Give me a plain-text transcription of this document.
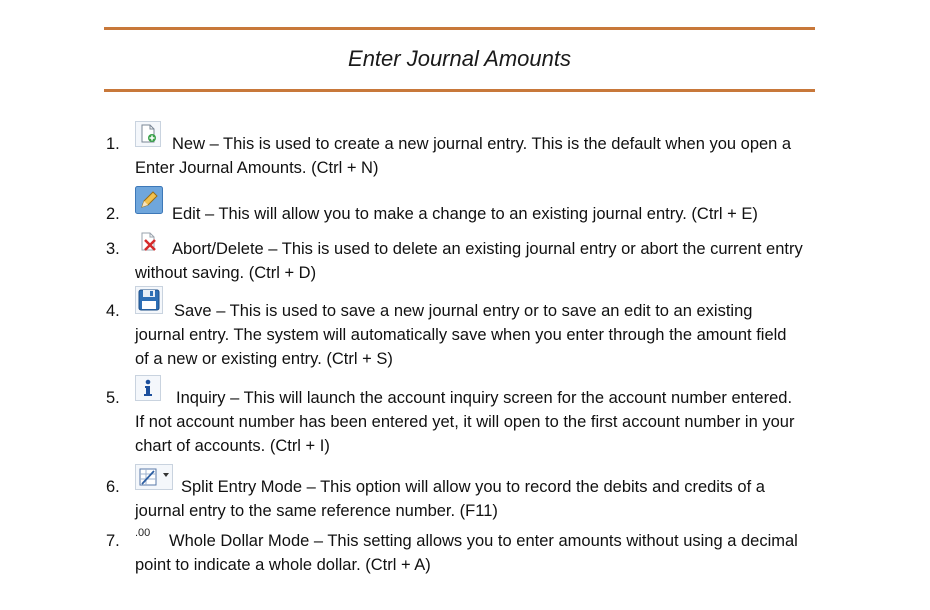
Enter Journal Amounts
1.	New – This is used to create a new journal entry. This is the default when you open a
Enter Journal Amounts. (Ctrl + N)
2.	Edit – This will allow you to make a change to an existing journal entry. (Ctrl + E)
3.	Abort/Delete – This is used to delete an existing journal entry or abort the current entry
without saving. (Ctrl + D)
4.	Save – This is used to save a new journal entry or to save an edit to an existing
journal entry. The system will automatically save when you enter through the amount field
of a new or existing entry. (Ctrl + S)
5.	Inquiry – This will launch the account inquiry screen for the account number entered.
If not account number has been entered yet, it will open to the first account number in your
chart of accounts. (Ctrl + I)
6.	Split Entry Mode – This option will allow you to record the debits and credits of a
journal entry to the same reference number. (F11)
7.	.00	Whole Dollar Mode – This setting allows you to enter amounts without using a decimal
point to indicate a whole dollar. (Ctrl + A)
